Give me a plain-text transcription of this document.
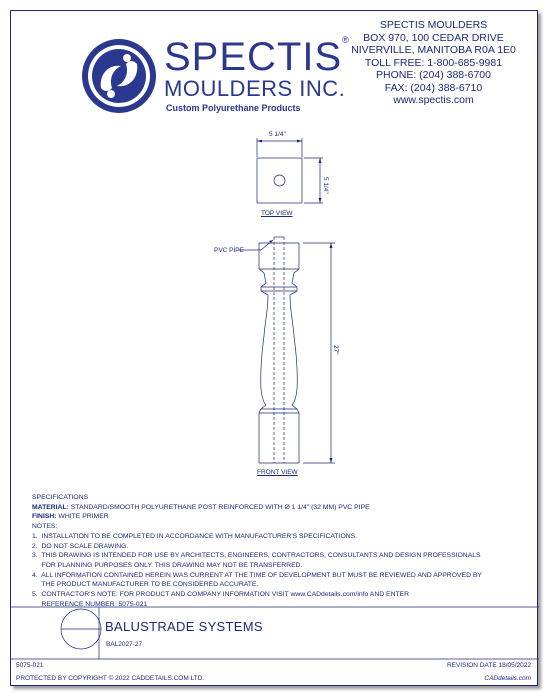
SPECTIS®
MOULDERS INC.
Custom Polyurethane Products
SPECTIS MOULDERS
BOX 970, 100 CEDAR DRIVE
NIVERVILLE, MANITOBA R0A 1E0
TOLL FREE: 1-800-685-9981
PHONE: (204) 388-6700
FAX: (204) 388-6710
www.spectis.com
5 1/4"
5 1/4"
TOP VIEW
PVC PIPE
27"
FRONT VIEW
SPECIFICATIONS
MATERIAL: STANDARD/SMOOTH POLYURETHANE POST REINFORCED WITH Ø 1 1/4" (32 MM) PVC PIPE
FINISH: WHITE PRIMER
NOTES:
1.  INSTALLATION TO BE COMPLETED IN ACCORDANCE WITH MANUFACTURER'S SPECIFICATIONS.
2.  DO NOT SCALE DRAWING.
3.  THIS DRAWING IS INTENDED FOR USE BY ARCHITECTS, ENGINEERS, CONTRACTORS, CONSULTANTS AND DESIGN PROFESSIONALS
FOR PLANNING PURPOSES ONLY. THIS DRAWING MAY NOT BE TRANSFERRED.
4.  ALL INFORMATION CONTAINED HEREIN WAS CURRENT AT THE TIME OF DEVELOPMENT BUT MUST BE REVIEWED AND APPROVED BY
THE PRODUCT MANUFACTURER TO BE CONSIDERED ACCURATE.
5.  CONTRACTOR'S NOTE: FOR PRODUCT AND COMPANY INFORMATION VISIT www.CADdetails.com/info AND ENTER
REFERENCE NUMBER  5075-021
BALUSTRADE SYSTEMS
BAL2027-27
5075-021	REVISION DATE 18/05/2022
PROTECTED BY COPYRIGHT © 2022 CADDETAILS.COM LTD.	CADdetails.com
